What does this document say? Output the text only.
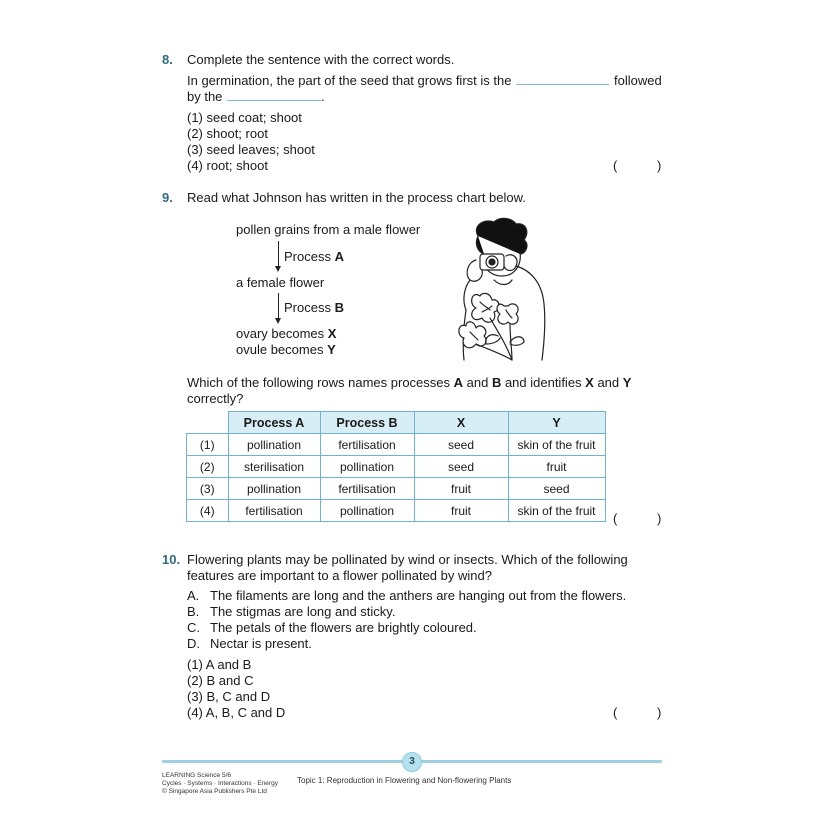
8. Complete the sentence with the correct words.
In germination, the part of the seed that grows first is the	followed
by the	.
(1) seed coat; shoot
(2) shoot; root
(3) seed leaves; shoot
(4) root; shoot	(	)
9. Read what Johnson has written in the process chart below.
pollen grains from a male flower
Process A
a female flower
Process B
ovary becomes X
ovule becomes Y
Which of the following rows names processes A and B and identifies X and Y
correctly?
	Process A	Process B	X	Y
(1)	pollination	fertilisation	seed	skin of the fruit
(2)	sterilisation	pollination	seed	fruit
(3)	pollination	fertilisation	fruit	seed
(4)	fertilisation	pollination	fruit	skin of the fruit
(	)
10. Flowering plants may be pollinated by wind or insects. Which of the following
features are important to a flower pollinated by wind?
A. The filaments are long and the anthers are hanging out from the flowers.
B. The stigmas are long and sticky.
C. The petals of the flowers are brightly coloured.
D. Nectar is present.
(1) A and B
(2) B and C
(3) B, C and D
(4) A, B, C and D	(	)
3
LEARNING Science 5/6
Cycles · Systems · Interactions · Energy
© Singapore Asia Publishers Pte Ltd
Topic 1: Reproduction in Flowering and Non-flowering Plants
